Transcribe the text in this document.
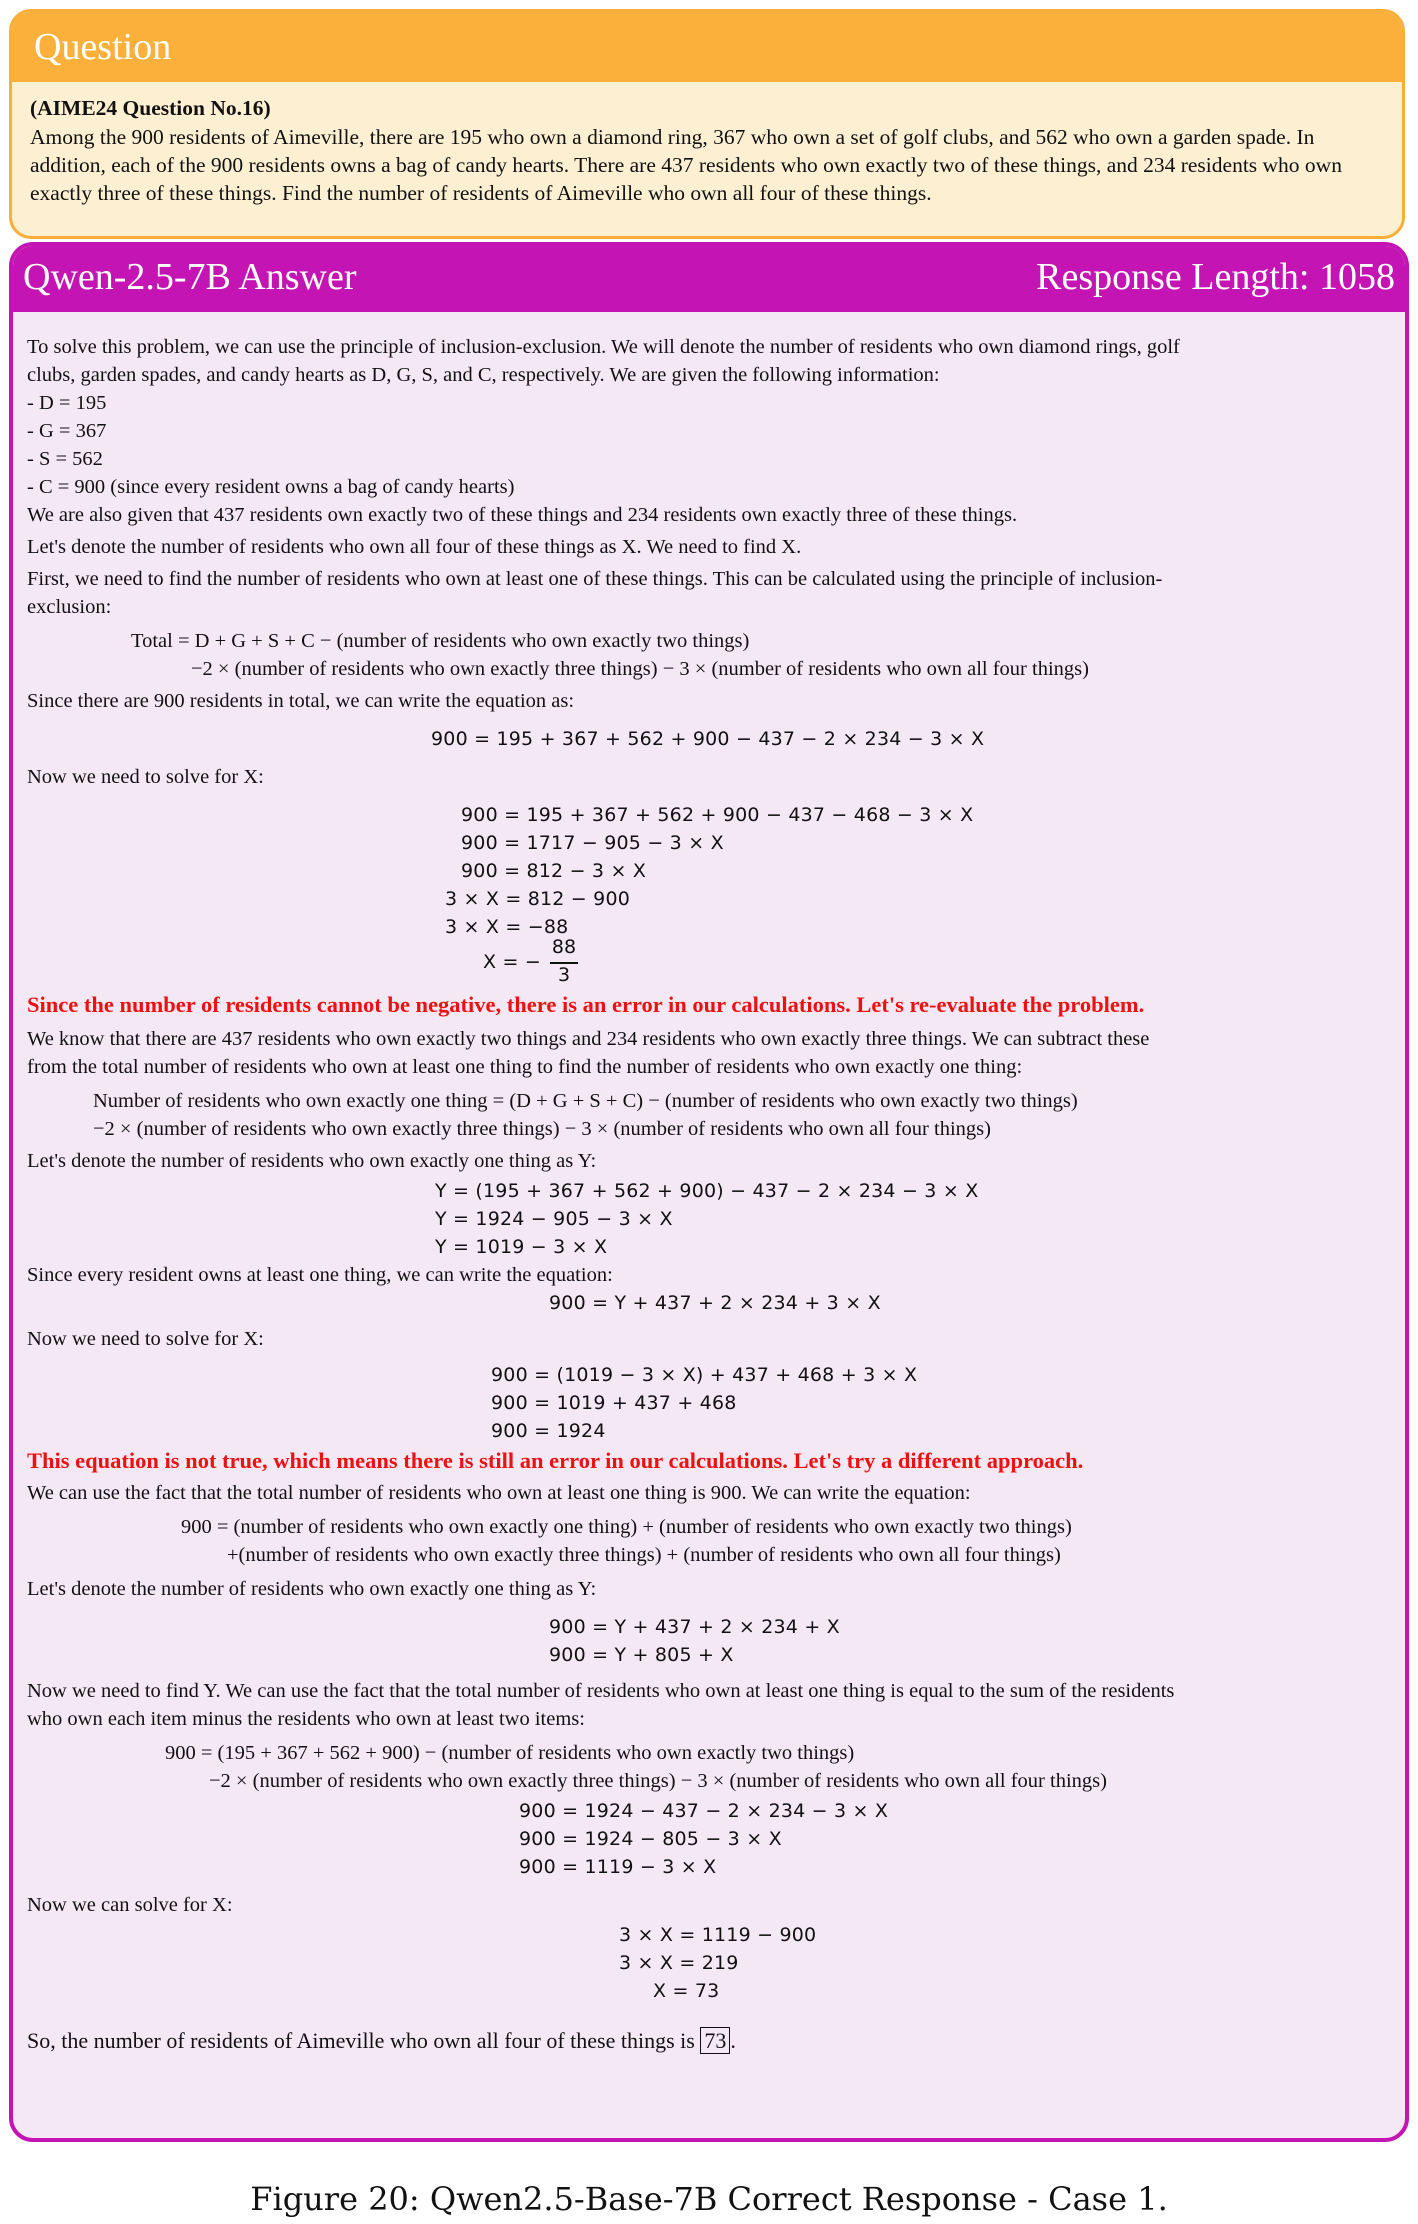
Question
(AIME24 Question No.16)
Among the 900 residents of Aimeville, there are 195 who own a diamond ring, 367 who own a set of golf clubs, and 562 who own a garden spade. In addition, each of the 900 residents owns a bag of candy hearts. There are 437 residents who own exactly two of these things, and 234 residents who own exactly three of these things. Find the number of residents of Aimeville who own all four of these things.
Qwen-2.5-7B Answer	Response Length: 1058
To solve this problem, we can use the principle of inclusion-exclusion. We will denote the number of residents who own diamond rings, golf
clubs, garden spades, and candy hearts as D, G, S, and C, respectively. We are given the following information:
- D = 195
- G = 367
- S = 562
- C = 900 (since every resident owns a bag of candy hearts)
We are also given that 437 residents own exactly two of these things and 234 residents own exactly three of these things.
Let's denote the number of residents who own all four of these things as X. We need to find X.
First, we need to find the number of residents who own at least one of these things. This can be calculated using the principle of inclusion-
exclusion:
Total = D + G + S + C − (number of residents who own exactly two things)
−2 × (number of residents who own exactly three things) − 3 × (number of residents who own all four things)
Since there are 900 residents in total, we can write the equation as:
900 = 195 + 367 + 562 + 900 − 437 − 2 × 234 − 3 × X
Now we need to solve for X:
900 = 195 + 367 + 562 + 900 − 437 − 468 − 3 × X
900 = 1717 − 905 − 3 × X
900 = 812 − 3 × X
3 × X = 812 − 900
3 × X = −88
X = −
88
3
Since the number of residents cannot be negative, there is an error in our calculations. Let's re-evaluate the problem.
We know that there are 437 residents who own exactly two things and 234 residents who own exactly three things. We can subtract these
from the total number of residents who own at least one thing to find the number of residents who own exactly one thing:
Number of residents who own exactly one thing = (D + G + S + C) − (number of residents who own exactly two things)
−2 × (number of residents who own exactly three things) − 3 × (number of residents who own all four things)
Let's denote the number of residents who own exactly one thing as Y:
Y = (195 + 367 + 562 + 900) − 437 − 2 × 234 − 3 × X
Y = 1924 − 905 − 3 × X
Y = 1019 − 3 × X
Since every resident owns at least one thing, we can write the equation:
900 = Y + 437 + 2 × 234 + 3 × X
Now we need to solve for X:
900 = (1019 − 3 × X) + 437 + 468 + 3 × X
900 = 1019 + 437 + 468
900 = 1924
This equation is not true, which means there is still an error in our calculations. Let's try a different approach.
We can use the fact that the total number of residents who own at least one thing is 900. We can write the equation:
900 = (number of residents who own exactly one thing) + (number of residents who own exactly two things)
+(number of residents who own exactly three things) + (number of residents who own all four things)
Let's denote the number of residents who own exactly one thing as Y:
900 = Y + 437 + 2 × 234 + X
900 = Y + 805 + X
Now we need to find Y. We can use the fact that the total number of residents who own at least one thing is equal to the sum of the residents
who own each item minus the residents who own at least two items:
900 = (195 + 367 + 562 + 900) − (number of residents who own exactly two things)
−2 × (number of residents who own exactly three things) − 3 × (number of residents who own all four things)
900 = 1924 − 437 − 2 × 234 − 3 × X
900 = 1924 − 805 − 3 × X
900 = 1119 − 3 × X
Now we can solve for X:
3 × X = 1119 − 900
3 × X = 219
X = 73
So, the number of residents of Aimeville who own all four of these things is 73 .
Figure 20: Qwen2.5-Base-7B Correct Response - Case 1.
